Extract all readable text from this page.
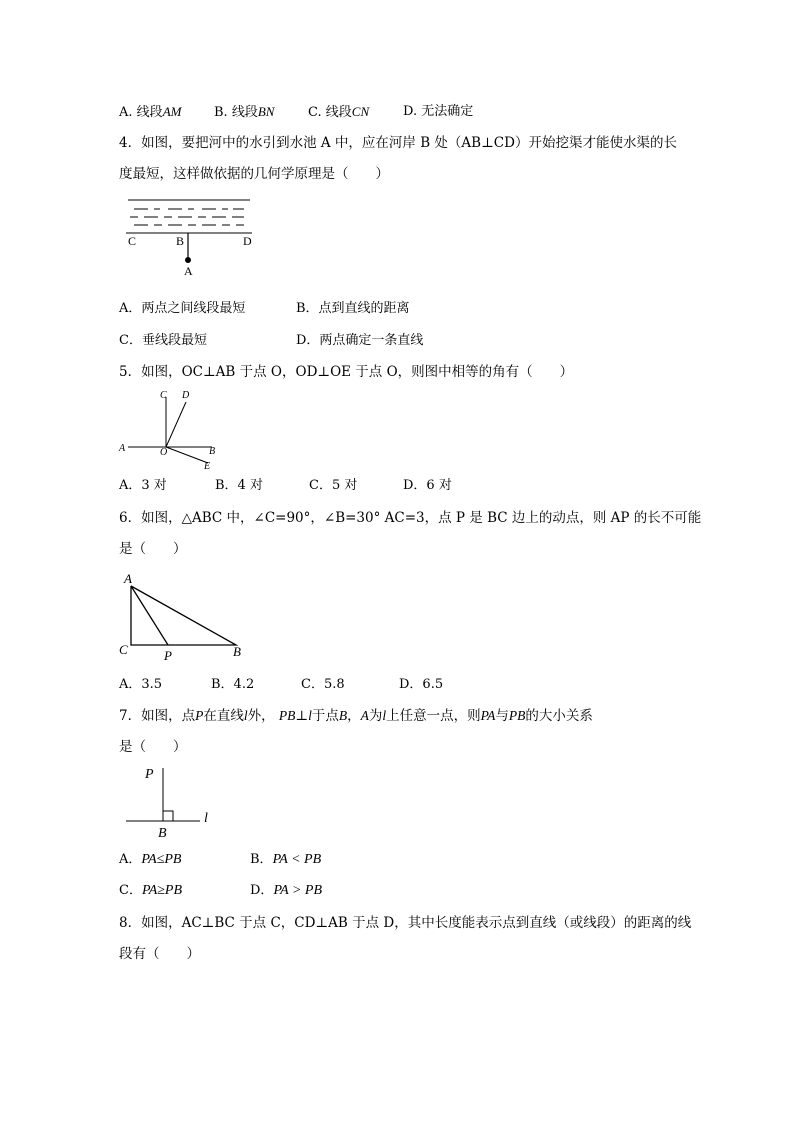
A. 线段AM	B. 线段BN	C. 线段CN	D. 无法确定
4．如图，要把河中的水引到水池 A 中，应在河岸 B 处（AB⊥CD）开始挖渠才能使水渠的长
度最短，这样做依据的几何学原理是（　　）
C	B	D
A
A．两点之间线段最短	B．点到直线的距离
C．垂线段最短	D．两点确定一条直线
5．如图，OC⊥AB 于点 O，OD⊥OE 于点 O，则图中相等的角有（　　）
C D
A	O	B
E
A．3 对	B．4 对	C．5 对	D．6 对
6．如图，△ABC 中，∠C=90°，∠B=30° AC=3，点 P 是 BC 边上的动点，则 AP 的长不可能
是（　　）
A
C	P	B
A．3.5	B．4.2	C．5.8	D．6.5
7．如图，点P在直线l外， PB⊥l于点B，A为l上任意一点，则PA与PB的大小关系
是（　　）
P
B
l
A．PA≤PB	B．PA < PB
C．PA≥PB	D．PA > PB
8．如图，AC⊥BC 于点 C，CD⊥AB 于点 D，其中长度能表示点到直线（或线段）的距离的线
段有（　　）
